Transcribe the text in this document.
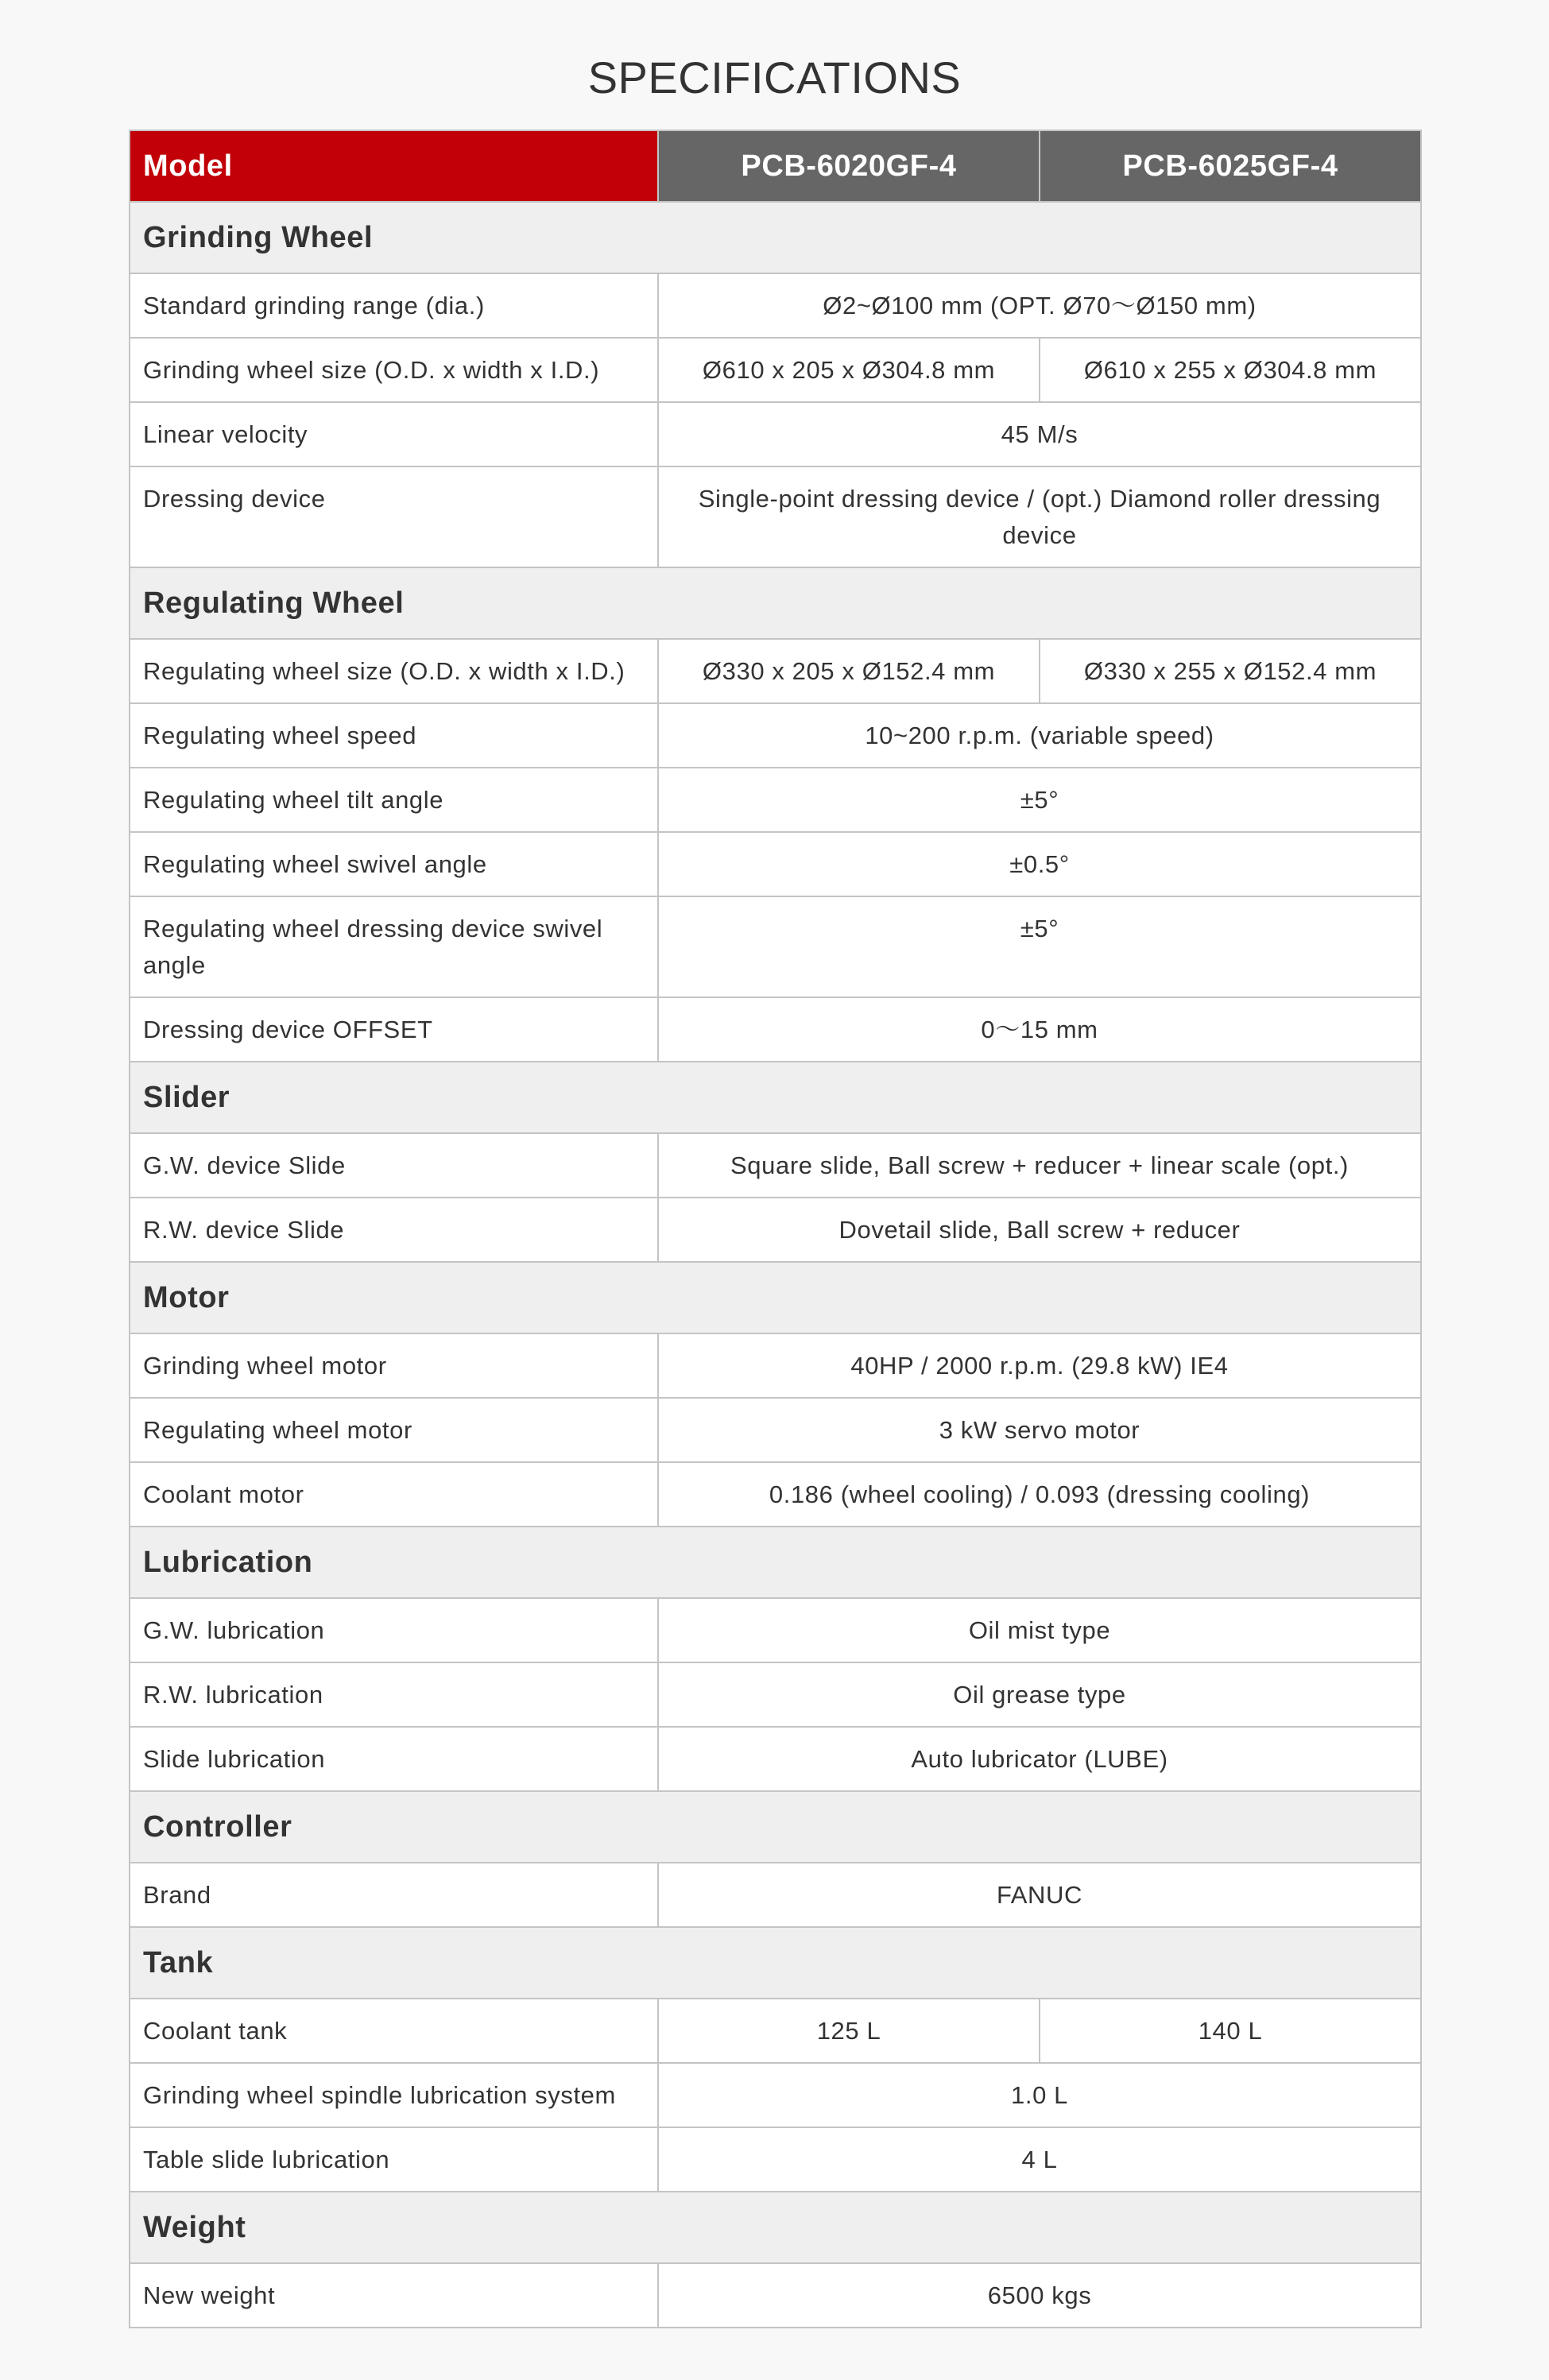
SPECIFICATIONS
Model	PCB-6020GF-4	PCB-6025GF-4
Grinding Wheel		
Standard grinding range (dia.)	Ø2~Ø100 mm (OPT. Ø70～Ø150 mm)	
Grinding wheel size (O.D. x width x I.D.)	Ø610 x 205 x Ø304.8 mm	Ø610 x 255 x Ø304.8 mm
Linear velocity	45 M/s	
Dressing device	Single-point dressing device / (opt.) Diamond roller dressing device	
Regulating Wheel		
Regulating wheel size (O.D. x width x I.D.)	Ø330 x 205 x Ø152.4 mm	Ø330 x 255 x Ø152.4 mm
Regulating wheel speed	10~200 r.p.m. (variable speed)	
Regulating wheel tilt angle	±5°	
Regulating wheel swivel angle	±0.5°	
Regulating wheel dressing device swivel angle	±5°	
Dressing device OFFSET	0～15 mm	
Slider		
G.W. device Slide	Square slide, Ball screw + reducer + linear scale (opt.)	
R.W. device Slide	Dovetail slide, Ball screw + reducer	
Motor		
Grinding wheel motor	40HP / 2000 r.p.m. (29.8 kW) IE4	
Regulating wheel motor	3 kW servo motor	
Coolant motor	0.186 (wheel cooling) / 0.093 (dressing cooling)	
Lubrication		
G.W. lubrication	Oil mist type	
R.W. lubrication	Oil grease type	
Slide lubrication	Auto lubricator (LUBE)	
Controller		
Brand	FANUC	
Tank		
Coolant tank	125 L	140 L
Grinding wheel spindle lubrication system	1.0 L	
Table slide lubrication	4 L	
Weight		
New weight	6500 kgs	
